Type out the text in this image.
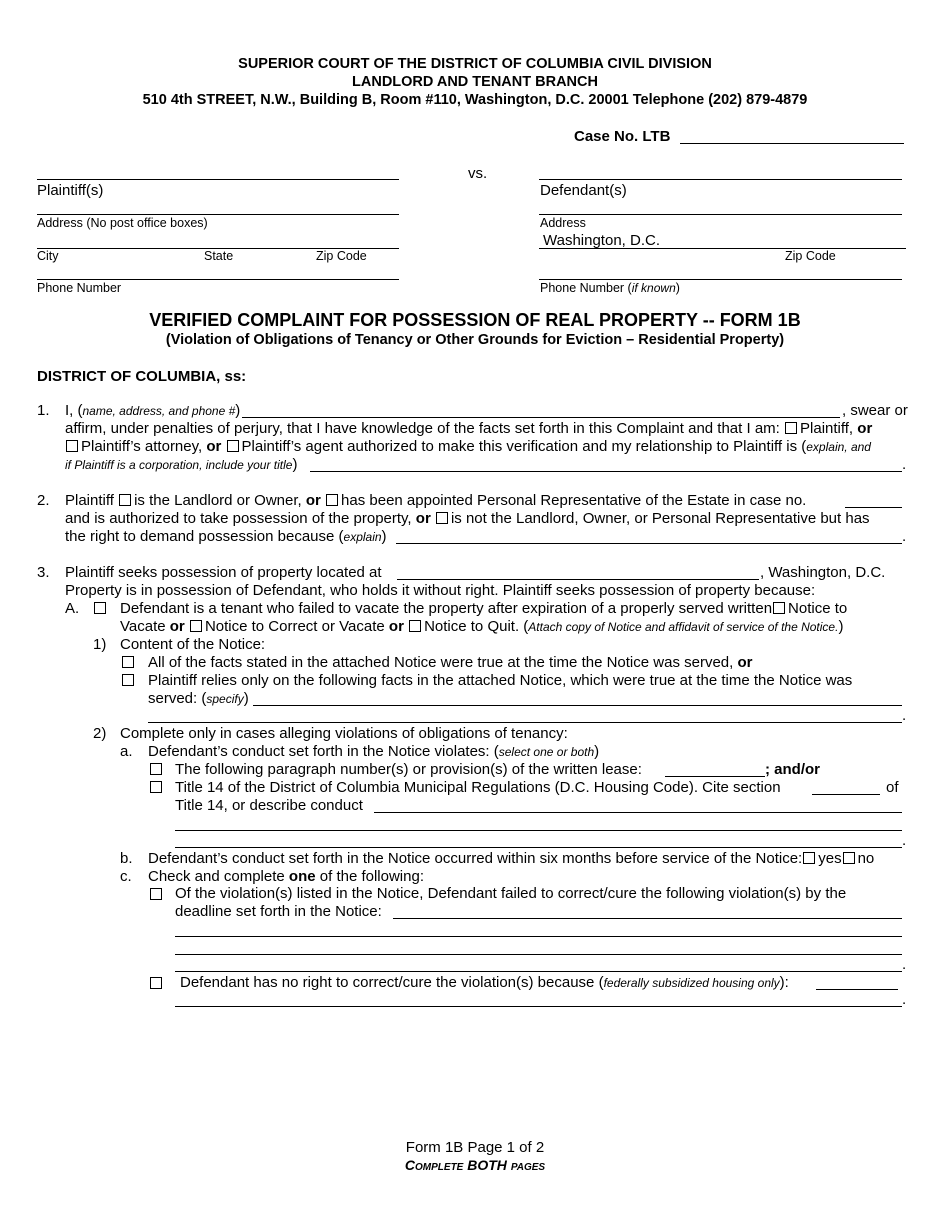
SUPERIOR COURT OF THE DISTRICT OF COLUMBIA CIVIL DIVISION
LANDLORD AND TENANT BRANCH
510 4th STREET, N.W., Building B, Room #110, Washington, D.C. 20001 Telephone (202) 879-4879
Case No. LTB
Plaintiff(s)
Address (No post office boxes)
City	State	Zip Code
Phone Number
vs.
Defendant(s)
Address
Washington, D.C.
Zip Code
Phone Number (if known)
VERIFIED COMPLAINT FOR POSSESSION OF REAL PROPERTY -- FORM 1B
(Violation of Obligations of Tenancy or Other Grounds for Eviction – Residential Property)
DISTRICT OF COLUMBIA, ss:
1. I, (name, address, and phone #)	, swear or
affirm, under penalties of perjury, that I have knowledge of the facts set forth in this Complaint and that I am: Plaintiff, or
Plaintiff’s attorney, or Plaintiff’s agent authorized to make this verification and my relationship to Plaintiff is (explain, and
if Plaintiff is a corporation, include your title)	.
2. Plaintiff is the Landlord or Owner, or has been appointed Personal Representative of the Estate in case no.
and is authorized to take possession of the property, or is not the Landlord, Owner, or Personal Representative but has
the right to demand possession because (explain)	.
3. Plaintiff seeks possession of property located at	, Washington, D.C.
Property is in possession of Defendant, who holds it without right. Plaintiff seeks possession of property because:
A.	Defendant is a tenant who failed to vacate the property after expiration of a properly served written Notice to
Vacate or Notice to Correct or Vacate or Notice to Quit. (Attach copy of Notice and affidavit of service of the Notice.)
1) Content of the Notice:
All of the facts stated in the attached Notice were true at the time the Notice was served, or
Plaintiff relies only on the following facts in the attached Notice, which were true at the time the Notice was
served: (specify)
.
2) Complete only in cases alleging violations of obligations of tenancy:
a. Defendant’s conduct set forth in the Notice violates: (select one or both)
The following paragraph number(s) or provision(s) of the written lease:	; and/or
Title 14 of the District of Columbia Municipal Regulations (D.C. Housing Code). Cite section	of
Title 14, or describe conduct
.
b. Defendant’s conduct set forth in the Notice occurred within six months before service of the Notice: yes no
c. Check and complete one of the following:
Of the violation(s) listed in the Notice, Defendant failed to correct/cure the following violation(s) by the
deadline set forth in the Notice:
.
Defendant has no right to correct/cure the violation(s) because (federally subsidized housing only):
.
Form 1B Page 1 of 2
Complete BOTH pages
